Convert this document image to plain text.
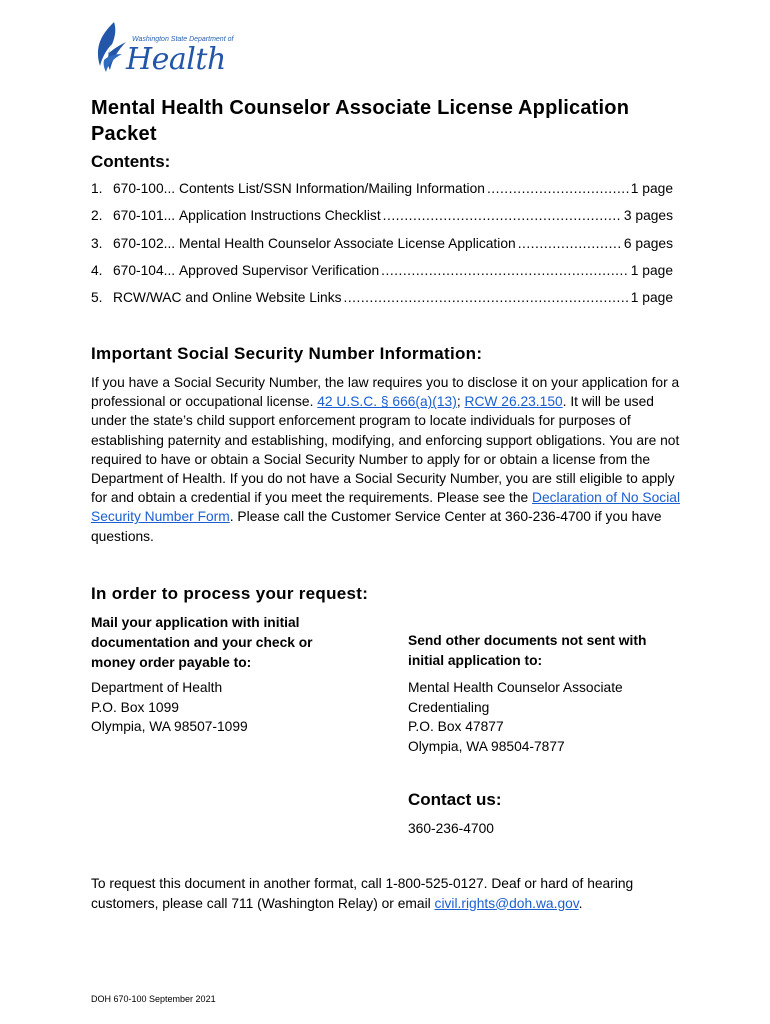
Washington State Department of
Health
Mental Health Counselor Associate License Application Packet
Contents:
1. 670-100...
Contents List/SSN Information/Mailing Information .....	1 page
2. 670-101...
Application Instructions Checklist .....	3 pages
3. 670-102...
Mental Health Counselor Associate License Application .....	6 pages
4. 670-104...
Approved Supervisor Verification .....	1 page
5. RCW/WAC and Online Website Links .....	1 page
Important Social Security Number Information:

If you have a Social Security Number, the law requires you to disclose it on your application for a professional or occupational license. 42 U.S.C. § 666(a)(13); RCW 26.23.150. It will be used under the state’s child support enforcement program to locate individuals for purposes of establishing paternity and establishing, modifying, and enforcing support obligations. You are not required to have or obtain a Social Security Number to apply for or obtain a license from the Department of Health. If you do not have a Social Security Number, you are still eligible to apply for and obtain a credential if you meet the requirements. Please see the Declaration of No Social Security Number Form. Please call the Customer Service Center at 360-236-4700 if you have questions.

In order to process your request:
Mail your application with initial documentation and your check or money order payable to:
Send other documents not sent with initial application to:
Department of Health
P.O. Box 1099
Olympia, WA 98507-1099
Mental Health Counselor Associate
Credentialing
P.O. Box 47877
Olympia, WA 98504-7877
Contact us:
360-236-4700

To request this document in another format, call 1-800-525-0127. Deaf or hard of hearing customers, please call 711 (Washington Relay) or email civil.rights@doh.wa.gov.

DOH 670-100 September 2021
